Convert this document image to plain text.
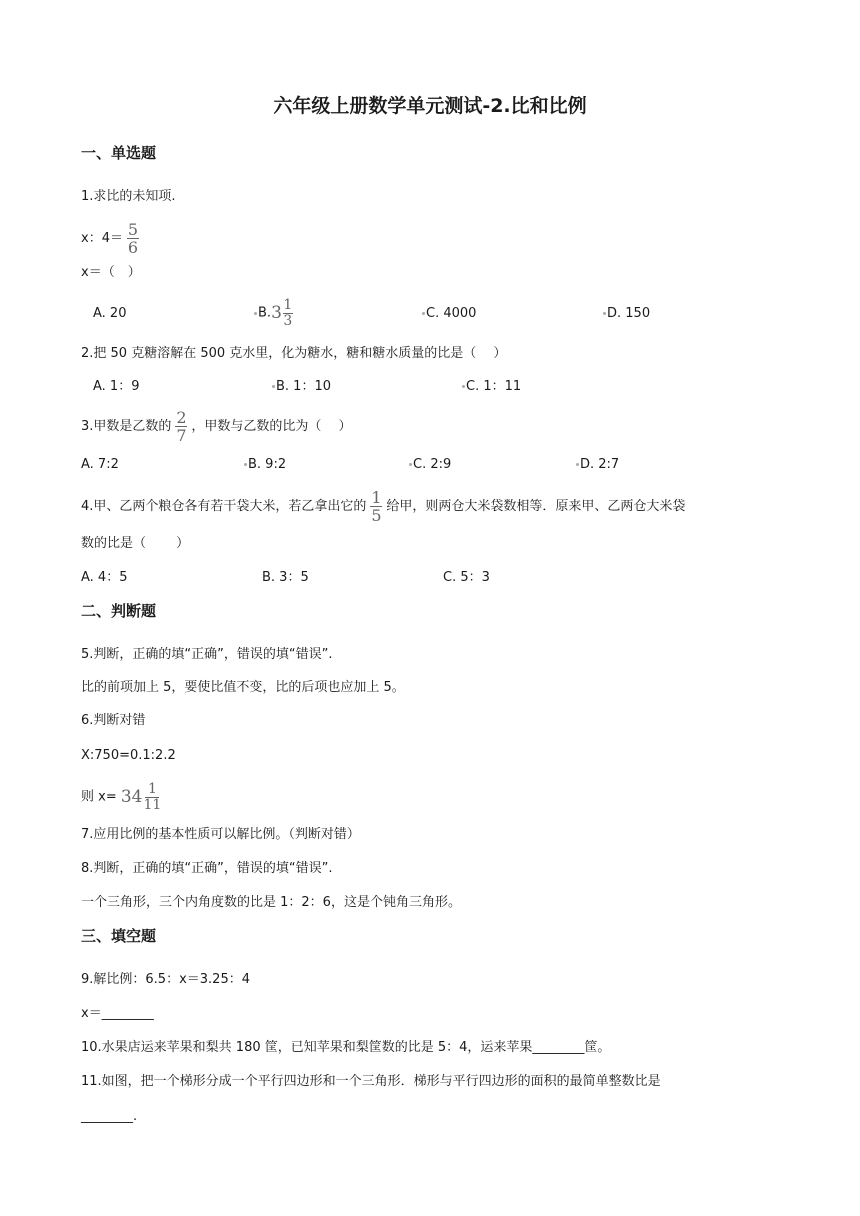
六年级上册数学单元测试-2.比和比例
一、单选题
1.求比的未知项.
x：$4= \frac{5}{6}$
x＝（　）
A. 20	B. $3 \frac{1}{3}$	C. 4000	D. 150
2.把 50 克糖溶解在 500 克水里，化为糖水，糖和糖水质量的比是（　 ）
A. 1：9	B. 1：10	C. 1：11
3.甲数是乙数的 $\frac{2}{7}$ ，甲数与乙数的比为（　 ）
A. 7:2	B. 9:2	C. 2:9	D. 2:7
4.甲、乙两个粮仓各有若干袋大米，若乙拿出它的 $\frac{1}{5}$ 给甲，则两仓大米袋数相等．原来甲、乙两仓大米袋
数的比是（　　 ）
A. 4：5	B. 3：5	C. 5：3
二、判断题
5.判断，正确的填“正确”，错误的填“错误”.
比的前项加上 5，要使比值不变，比的后项也应加上 5。
6.判断对错
X:750=0.1:2.2
则 $x= 34 \frac{1}{11}$
7.应用比例的基本性质可以解比例。（判断对错）
8.判断，正确的填“正确”，错误的填“错误”.
一个三角形，三个内角度数的比是 1：2：6，这是个钝角三角形。
三、填空题
9.解比例：6.5：x＝3.25：4
x＝________
10.水果店运来苹果和梨共 180 筐，已知苹果和梨筐数的比是 5：4，运来苹果________筐。
11.如图，把一个梯形分成一个平行四边形和一个三角形．梯形与平行四边形的面积的最简单整数比是
________.
